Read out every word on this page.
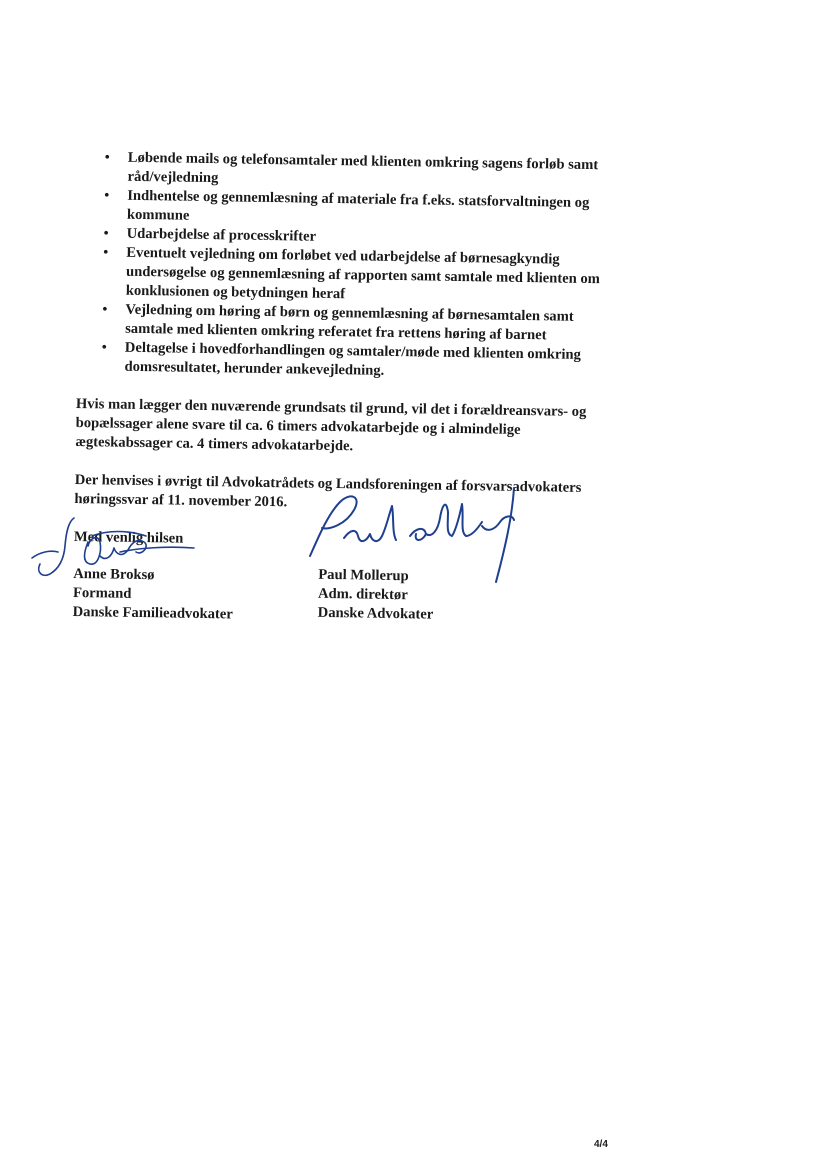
• Løbende mails og telefonsamtaler med klienten omkring sagens forløb samt råd/vejledning
• Indhentelse og gennemlæsning af materiale fra f.eks. statsforvaltningen og kommune
• Udarbejdelse af processkrifter
• Eventuelt vejledning om forløbet ved udarbejdelse af børnesagkyndig undersøgelse og gennemlæsning af rapporten samt samtale med klienten om konklusionen og betydningen heraf
• Vejledning om høring af børn og gennemlæsning af børnesamtalen samt samtale med klienten omkring referatet fra rettens høring af barnet
• Deltagelse i hovedforhandlingen og samtaler/møde med klienten omkring domsresultatet, herunder ankevejledning.

Hvis man lægger den nuværende grundsats til grund, vil det i forældreansvars- og bopælssager alene svare til ca. 6 timers advokatarbejde og i almindelige ægteskabssager ca. 4 timers advokatarbejde.

Der henvises i øvrigt til Advokatrådets og Landsforeningen af forsvarsadvokaters høringssvar af 11. november 2016.

Med venlig hilsen
Anne Broksø
Formand
Danske Familieadvokater
Paul Mollerup
Adm. direktør
Danske Advokater
4/4
